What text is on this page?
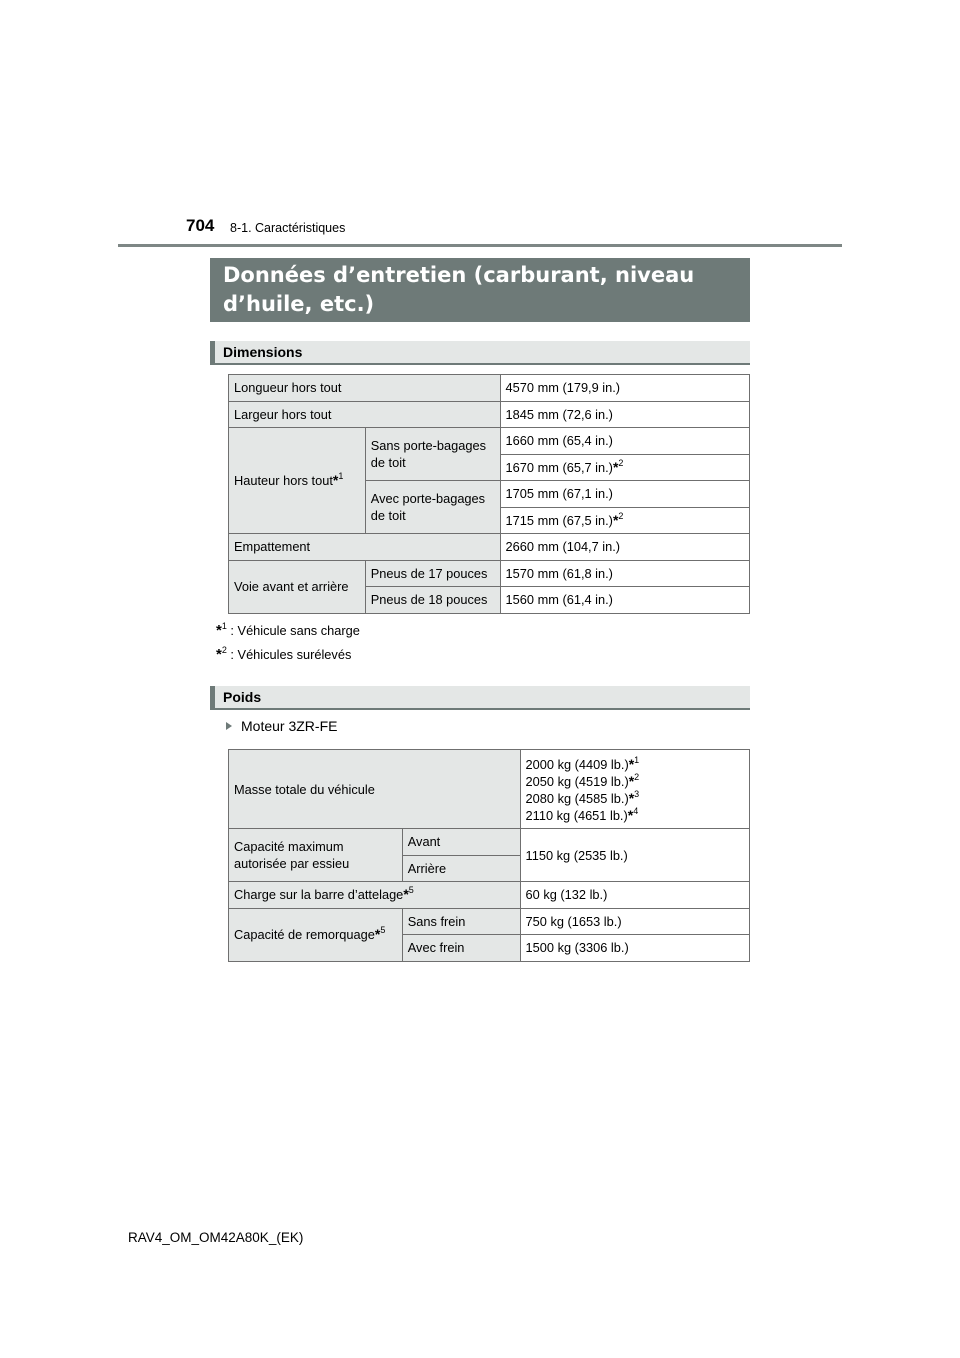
704 8-1. Caractéristiques
Données d’entretien (carburant, niveau d’huile, etc.)
Dimensions
Longueur hors tout		4570 mm (179,9 in.)
Largeur hors tout		1845 mm (72,6 in.)
Hauteur hors tout*$^1$	Sans porte-bagages de toit	1660 mm (65,4 in.)
		1670 mm (65,7 in.)*$^2$
	Avec porte-bagages de toit	1705 mm (67,1 in.)
		1715 mm (67,5 in.)*$^2$
Empattement		2660 mm (104,7 in.)
Voie avant et arrière	Pneus de 17 pouces	1570 mm (61,8 in.)
	Pneus de 18 pouces	1560 mm (61,4 in.)
*$^1$ : Véhicule sans charge
*$^2$ : Véhicules surélevés
Poids
Moteur 3ZR-FE
Masse totale du véhicule		2000 kg (4409 lb.)*$^1$
2050 kg (4519 lb.)*$^2$
2080 kg (4585 lb.)*$^3$
2110 kg (4651 lb.)*$^4$

Capacité maximum autorisée par essieu	Avant	1150 kg (2535 lb.)
	Arrière	
Charge sur la barre d’attelage*$^5$		60 kg (132 lb.)
Capacité de remorquage*$^5$	Sans frein	750 kg (1653 lb.)
	Avec frein	1500 kg (3306 lb.)
RAV4_OM_OM42A80K_(EK)
